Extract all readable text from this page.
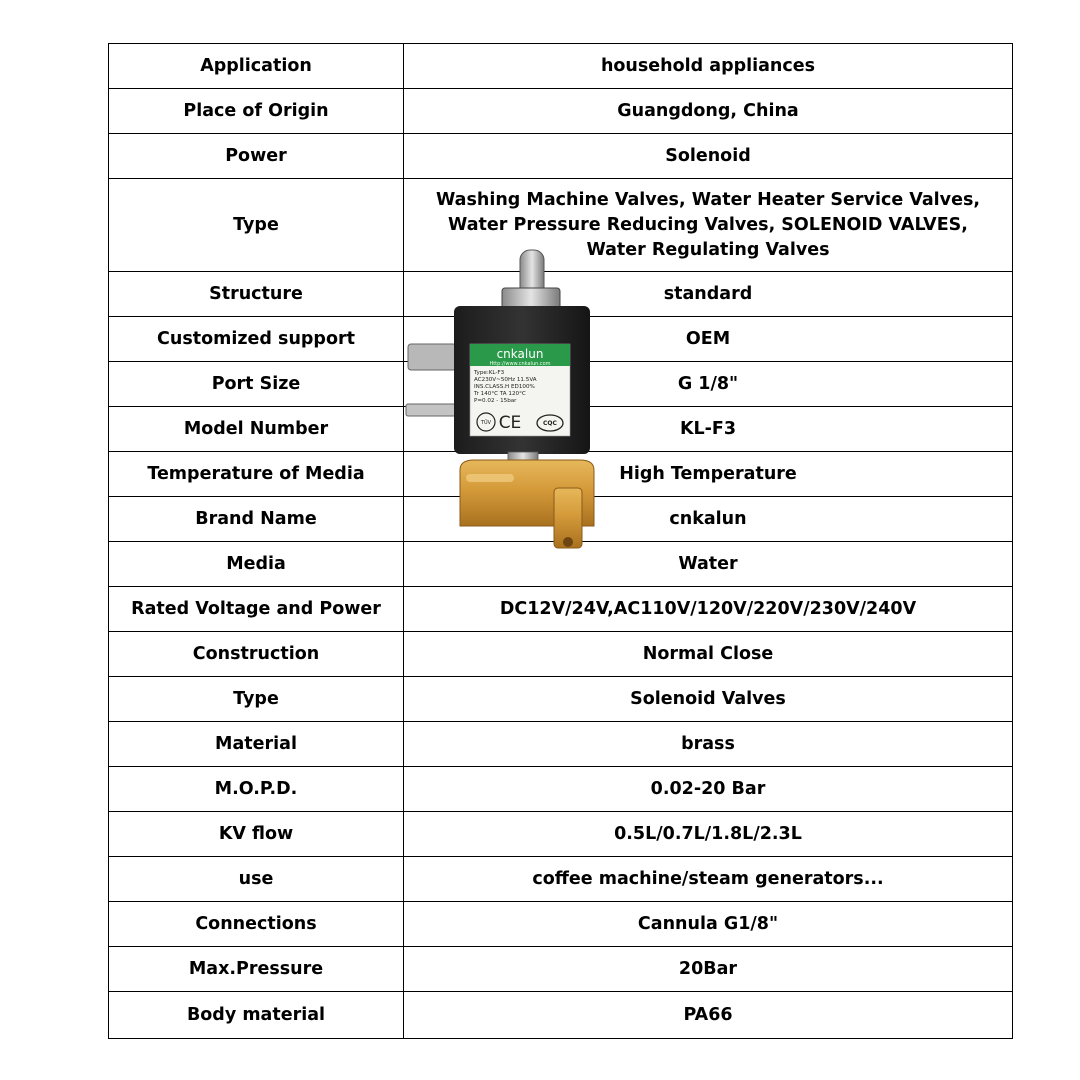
Application	household appliances
Place of Origin	Guangdong, China
Power	Solenoid
Type	Washing Machine Valves, Water Heater Service Valves, Water Pressure Reducing Valves, SOLENOID VALVES, Water Regulating Valves
Structure	standard
Customized support	OEM
Port Size	G 1/8"
Model Number	KL-F3
Temperature of Media	High Temperature
Brand Name	cnkalun
Media	Water
Rated Voltage and Power	DC12V/24V,AC110V/120V/220V/230V/240V
Construction	Normal Close
Type	Solenoid Valves
Material	brass
M.O.P.D.	0.02-20 Bar
KV flow	0.5L/0.7L/1.8L/2.3L
use	coffee machine/steam generators...
Connections	Cannula G1/8"
Max.Pressure	20Bar
Body material	PA66
cnkalun
Http://www.cnkalun.com
Type:KL-F3
AC230V~50Hz 11.5VA
INS.CLASS.H ED100%
Tr 140°C TA 120°C
P=0.02 - 15bar
TÜV CE	CQC
